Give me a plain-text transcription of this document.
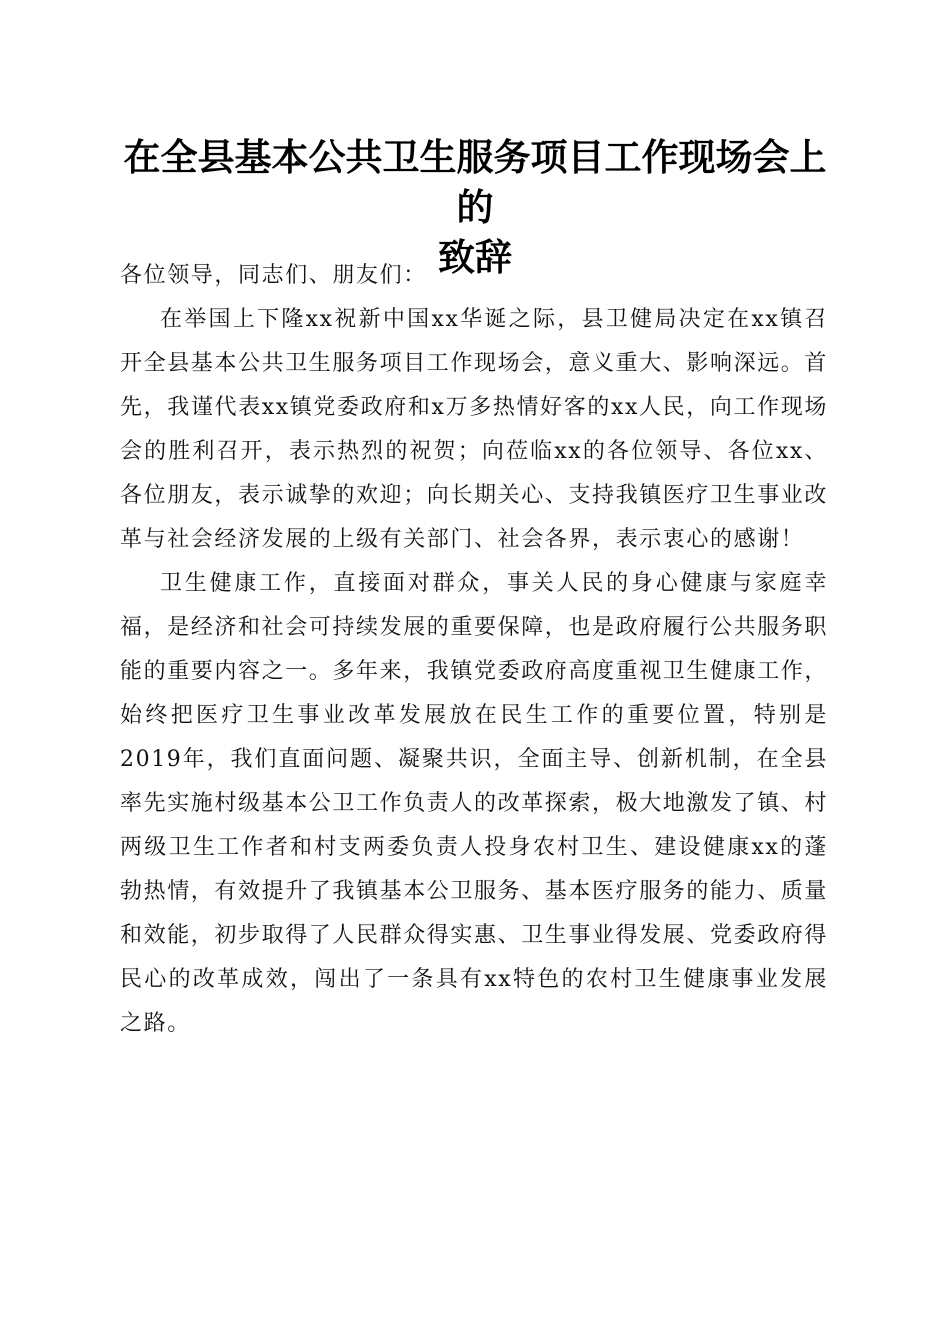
在全县基本公共卫生服务项目工作现场会上的
致辞

各位领导，同志们、朋友们：

在举国上下隆xx祝新中国xx华诞之际，县卫健局决定在xx镇召开全县基本公共卫生服务项目工作现场会，意义重大、影响深远。首先，我谨代表xx镇党委政府和x万多热情好客的xx人民，向工作现场会的胜利召开，表示热烈的祝贺；向莅临xx的各位领导、各位xx、各位朋友，表示诚挚的欢迎；向长期关心、支持我镇医疗卫生事业改革与社会经济发展的上级有关部门、社会各界，表示衷心的感谢！

卫生健康工作，直接面对群众，事关人民的身心健康与家庭幸福，是经济和社会可持续发展的重要保障，也是政府履行公共服务职能的重要内容之一。多年来，我镇党委政府高度重视卫生健康工作，始终把医疗卫生事业改革发展放在民生工作的重要位置，特别是2019年，我们直面问题、凝聚共识，全面主导、创新机制，在全县率先实施村级基本公卫工作负责人的改革探索，极大地激发了镇、村两级卫生工作者和村支两委负责人投身农村卫生、建设健康xx的蓬勃热情，有效提升了我镇基本公卫服务、基本医疗服务的能力、质量和效能，初步取得了人民群众得实惠、卫生事业得发展、党委政府得民心的改革成效，闯出了一条具有xx特色的农村卫生健康事业发展之路。
